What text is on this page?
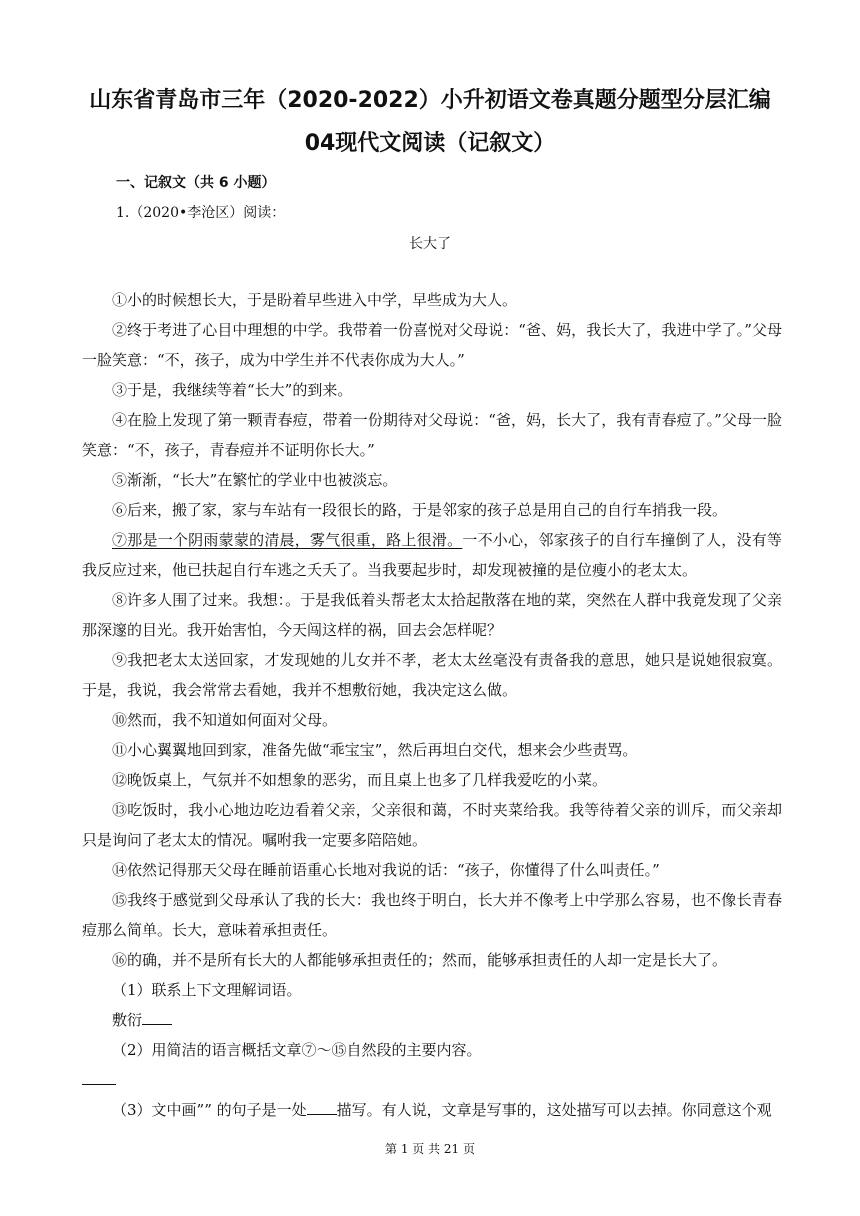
山东省青岛市三年（2020-2022）小升初语文卷真题分题型分层汇编
04现代文阅读（记叙文）
一、记叙文（共 6 小题）
1.（2020•李沧区）阅读：
长大了

①小的时候想长大，于是盼着早些进入中学，早些成为大人。

②终于考进了心目中理想的中学。我带着一份喜悦对父母说：“爸、妈，我长大了，我进中学了。”父母一脸笑意：“不，孩子，成为中学生并不代表你成为大人。”

③于是，我继续等着“长大”的到来。

④在脸上发现了第一颗青春痘，带着一份期待对父母说：“爸，妈，长大了，我有青春痘了。”父母一脸笑意：“不，孩子，青春痘并不证明你长大。”

⑤渐渐，“长大”在繁忙的学业中也被淡忘。

⑥后来，搬了家，家与车站有一段很长的路，于是邻家的孩子总是用自己的自行车捎我一段。

⑦那是一个阴雨蒙蒙的清晨，雾气很重，路上很滑。一不小心，邻家孩子的自行车撞倒了人，没有等我反应过来，他已扶起自行车逃之夭夭了。当我要起步时，却发现被撞的是位瘦小的老太太。

⑧许多人围了过来。我想：。于是我低着头帮老太太拾起散落在地的菜，突然在人群中我竟发现了父亲那深邃的目光。我开始害怕，今天闯这样的祸，回去会怎样呢？

⑨我把老太太送回家，才发现她的儿女并不孝，老太太丝毫没有责备我的意思，她只是说她很寂寞。于是，我说，我会常常去看她，我并不想敷衍她，我决定这么做。

⑩然而，我不知道如何面对父母。

⑪小心翼翼地回到家，准备先做“乖宝宝”，然后再坦白交代，想来会少些责骂。

⑫晚饭桌上，气氛并不如想象的恶劣，而且桌上也多了几样我爱吃的小菜。

⑬吃饭时，我小心地边吃边看着父亲，父亲很和蔼，不时夹菜给我。我等待着父亲的训斥，而父亲却只是询问了老太太的情况。嘱咐我一定要多陪陪她。

⑭依然记得那天父母在睡前语重心长地对我说的话：“孩子，你懂得了什么叫责任。”

⑮我终于感觉到父母承认了我的长大：我也终于明白，长大并不像考上中学那么容易，也不像长青春痘那么简单。长大，意味着承担责任。

⑯的确，并不是所有长大的人都能够承担责任的；然而，能够承担责任的人却一定是长大了。

（1）联系上下文理解词语。

敷衍

（2）用简洁的语言概括文章⑦～⑮自然段的主要内容。

（3）文中画”” 的句子是一处 描写。有人说，文章是写事的，这处描写可以去掉。你同意这个观

第 1 页 共 21 页
